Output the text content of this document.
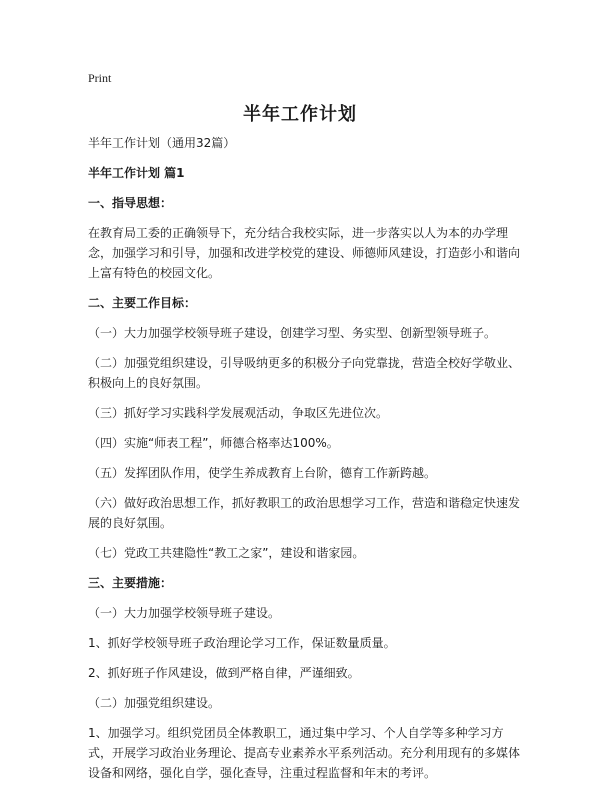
Print
半年工作计划

半年工作计划（通用32篇）

半年工作计划 篇1

一、指导思想：

在教育局工委的正确领导下，充分结合我校实际，进一步落实以人为本的办学理念，加强学习和引导，加强和改进学校党的建设、师德师风建设，打造彭小和谐向上富有特色的校园文化。

二、主要工作目标：

（一）大力加强学校领导班子建设，创建学习型、务实型、创新型领导班子。

（二）加强党组织建设，引导吸纳更多的积极分子向党靠拢，营造全校好学敬业、积极向上的良好氛围。

（三）抓好学习实践科学发展观活动，争取区先进位次。

（四）实施“师表工程”，师德合格率达100%。

（五）发挥团队作用，使学生养成教育上台阶，德育工作新跨越。

（六）做好政治思想工作，抓好教职工的政治思想学习工作，营造和谐稳定快速发展的良好氛围。

（七）党政工共建隐性“教工之家”，建设和谐家园。

三、主要措施：

（一）大力加强学校领导班子建设。

1、抓好学校领导班子政治理论学习工作，保证数量质量。

2、抓好班子作风建设，做到严格自律，严谨细致。

（二）加强党组织建设。

1、加强学习。组织党团员全体教职工，通过集中学习、个人自学等多种学习方式，开展学习政治业务理论、提高专业素养水平系列活动。充分利用现有的多媒体设备和网络，强化自学，强化查导，注重过程监督和年末的考评。
